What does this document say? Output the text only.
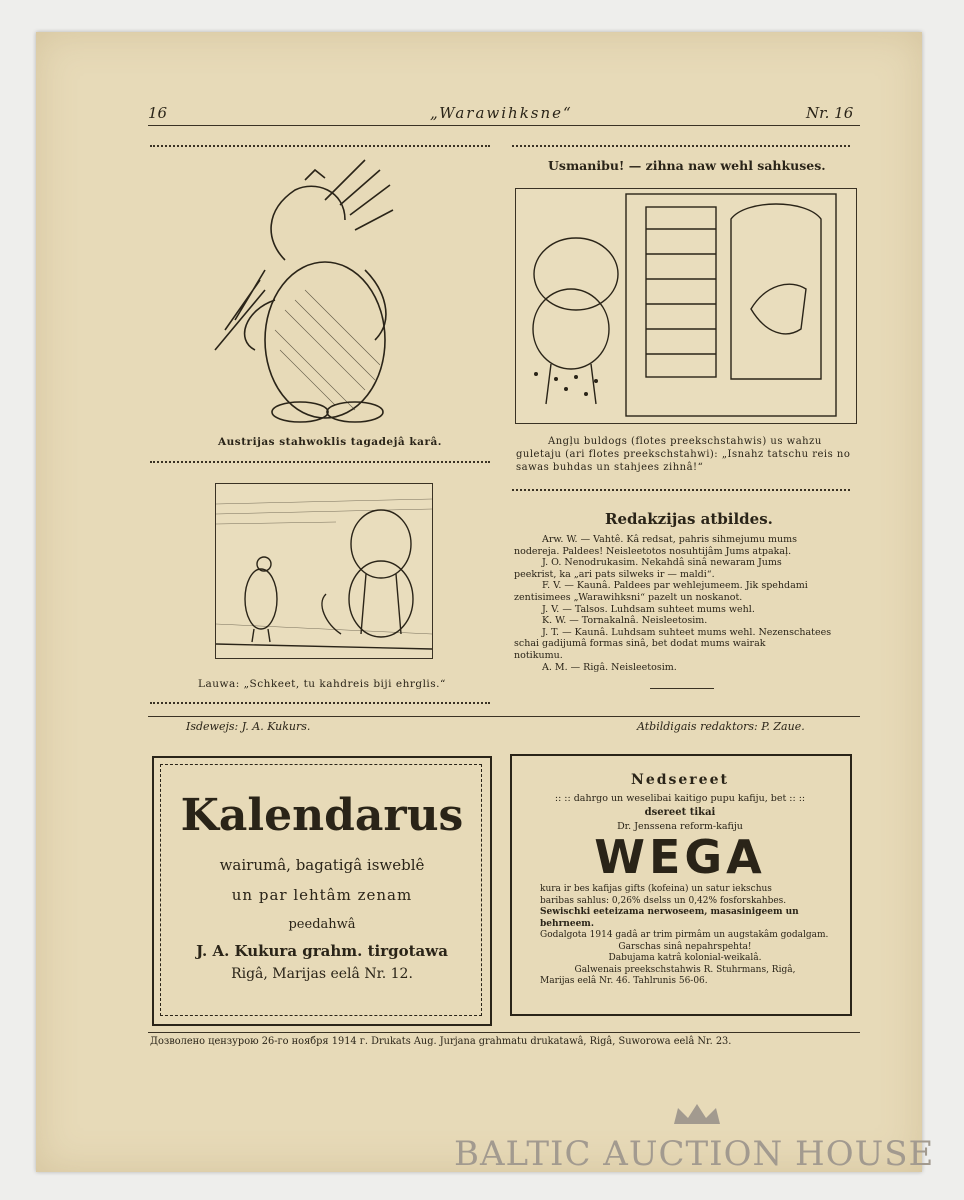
16	„Warawihksne“	Nr. 16
Austrijas stahwoklis tagadejâ karâ.
Lauwa: „Schkeet, tu kahdreis biji ehrglis.“
Usmanibu! — zihna naw wehl sahkuses.
Angļu buldogs (flotes preekschstahwis) us wahzu
guletaju (ari flotes preekschstahwi): „Isnahz tatschu reis no
sawas buhdas un stahjees zihnâ!“
Redakzijas atbildes.

Arw. W. — Vahtê. Kâ redsat, pahris sihmejumu mums

nodereja. Paldees! Neisleetotos nosuhtijâm Jums atpakaļ.

J. O. Nenodrukasim. Nekahdâ sinâ newaram Jums

peekrist, ka „ari pats silweks ir — maldi“.

F. V. — Kaunâ. Paldees par wehlejumeem. Jik spehdami

zentisimees „Warawihksni“ pazelt un noskanot.

J. V. — Talsos. Luhdsam suhteet mums wehl.

K. W. — Tornakalnâ. Neisleetosim.

J. T. — Kaunâ. Luhdsam suhteet mums wehl. Nezenschatees

schai gadijumâ formas sinâ, bet dodat mums wairak

notikumu.

A. M. — Rigâ. Neisleetosim.

Isdewejs: J. A. Kukurs.	Atbildigais redaktors: P. Zaue.
Kalendarus
wairumâ, bagatigâ isweblê
un par lehtâm zenam
peedahwâ
J. A. Kukura grahm. tirgotawa
Rigâ, Marijas eelâ Nr. 12.
Nedsereet
:: :: dahrgo un weselibai kaitigo pupu kafiju, bet :: ::
dsereet tikai
Dr. Jenssena reform-kafiju
WEGA
kura ir bes kafijas gifts (kofeina) un satur iekschus
baribas sahlus: 0,26% dselss un 0,42% fosforskahbes.
Sewischki eeteizama nerwoseem, masasinigeem un behrneem.
Godalgota 1914 gadâ ar trim pirmâm un augstakâm godalgam.
Garschas sinâ nepahrspehta!
Dabujama katrâ kolonial-weikalâ.
Galwenais preekschstahwis R. Stuhrmans, Rigâ,
Marijas eelâ Nr. 46. Tahlrunis 56-06.
Дозволено цензурою 26-го ноября 1914 г. Drukats Aug. Jurjana grahmatu drukatawâ, Rigâ, Suworowa eelâ Nr. 23.
BALTIC AUCTION HOUSE
